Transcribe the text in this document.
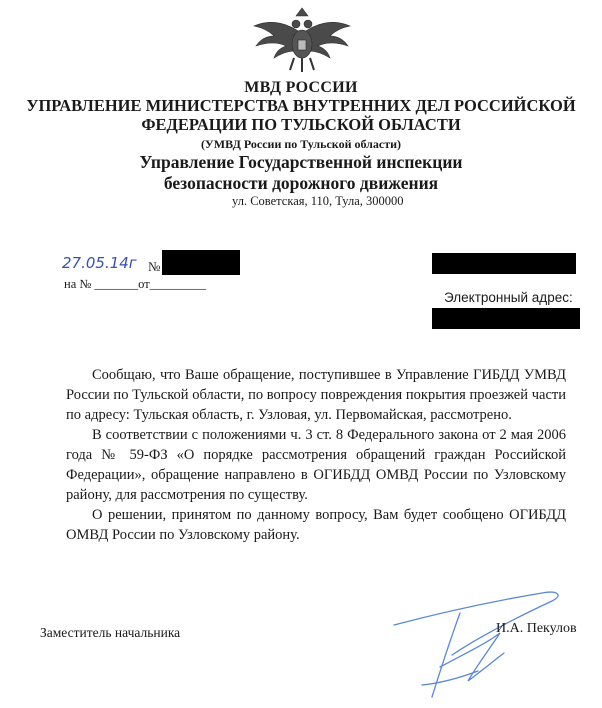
МВД РОССИИ
УПРАВЛЕНИЕ МИНИСТЕРСТВА ВНУТРЕННИХ ДЕЛ РОССИЙСКОЙ
ФЕДЕРАЦИИ ПО ТУЛЬСКОЙ ОБЛАСТИ
(УМВД России по Тульской области)
Управление Государственной инспекции
безопасности дорожного движения
ул. Советская, 110, Тула, 300000
27.05.14г №
на № _______от_________
Электронный адрес:

Сообщаю, что Ваше обращение, поступившее в Управление ГИБДД УМВД России по Тульской области, по вопросу повреждения покрытия проезжей части по адресу: Тульская область, г. Узловая, ул. Первомайская, рассмотрено.

В соответствии с положениями ч. 3 ст. 8 Федерального закона от 2 мая 2006 года № 59-ФЗ «О порядке рассмотрения обращений граждан Российской Федерации», обращение направлено в ОГИБДД ОМВД России по Узловскому району, для рассмотрения по существу.

О решении, принятом по данному вопросу, Вам будет сообщено ОГИБДД ОМВД России по Узловскому району.

Заместитель начальника	И.А. Пекулов
